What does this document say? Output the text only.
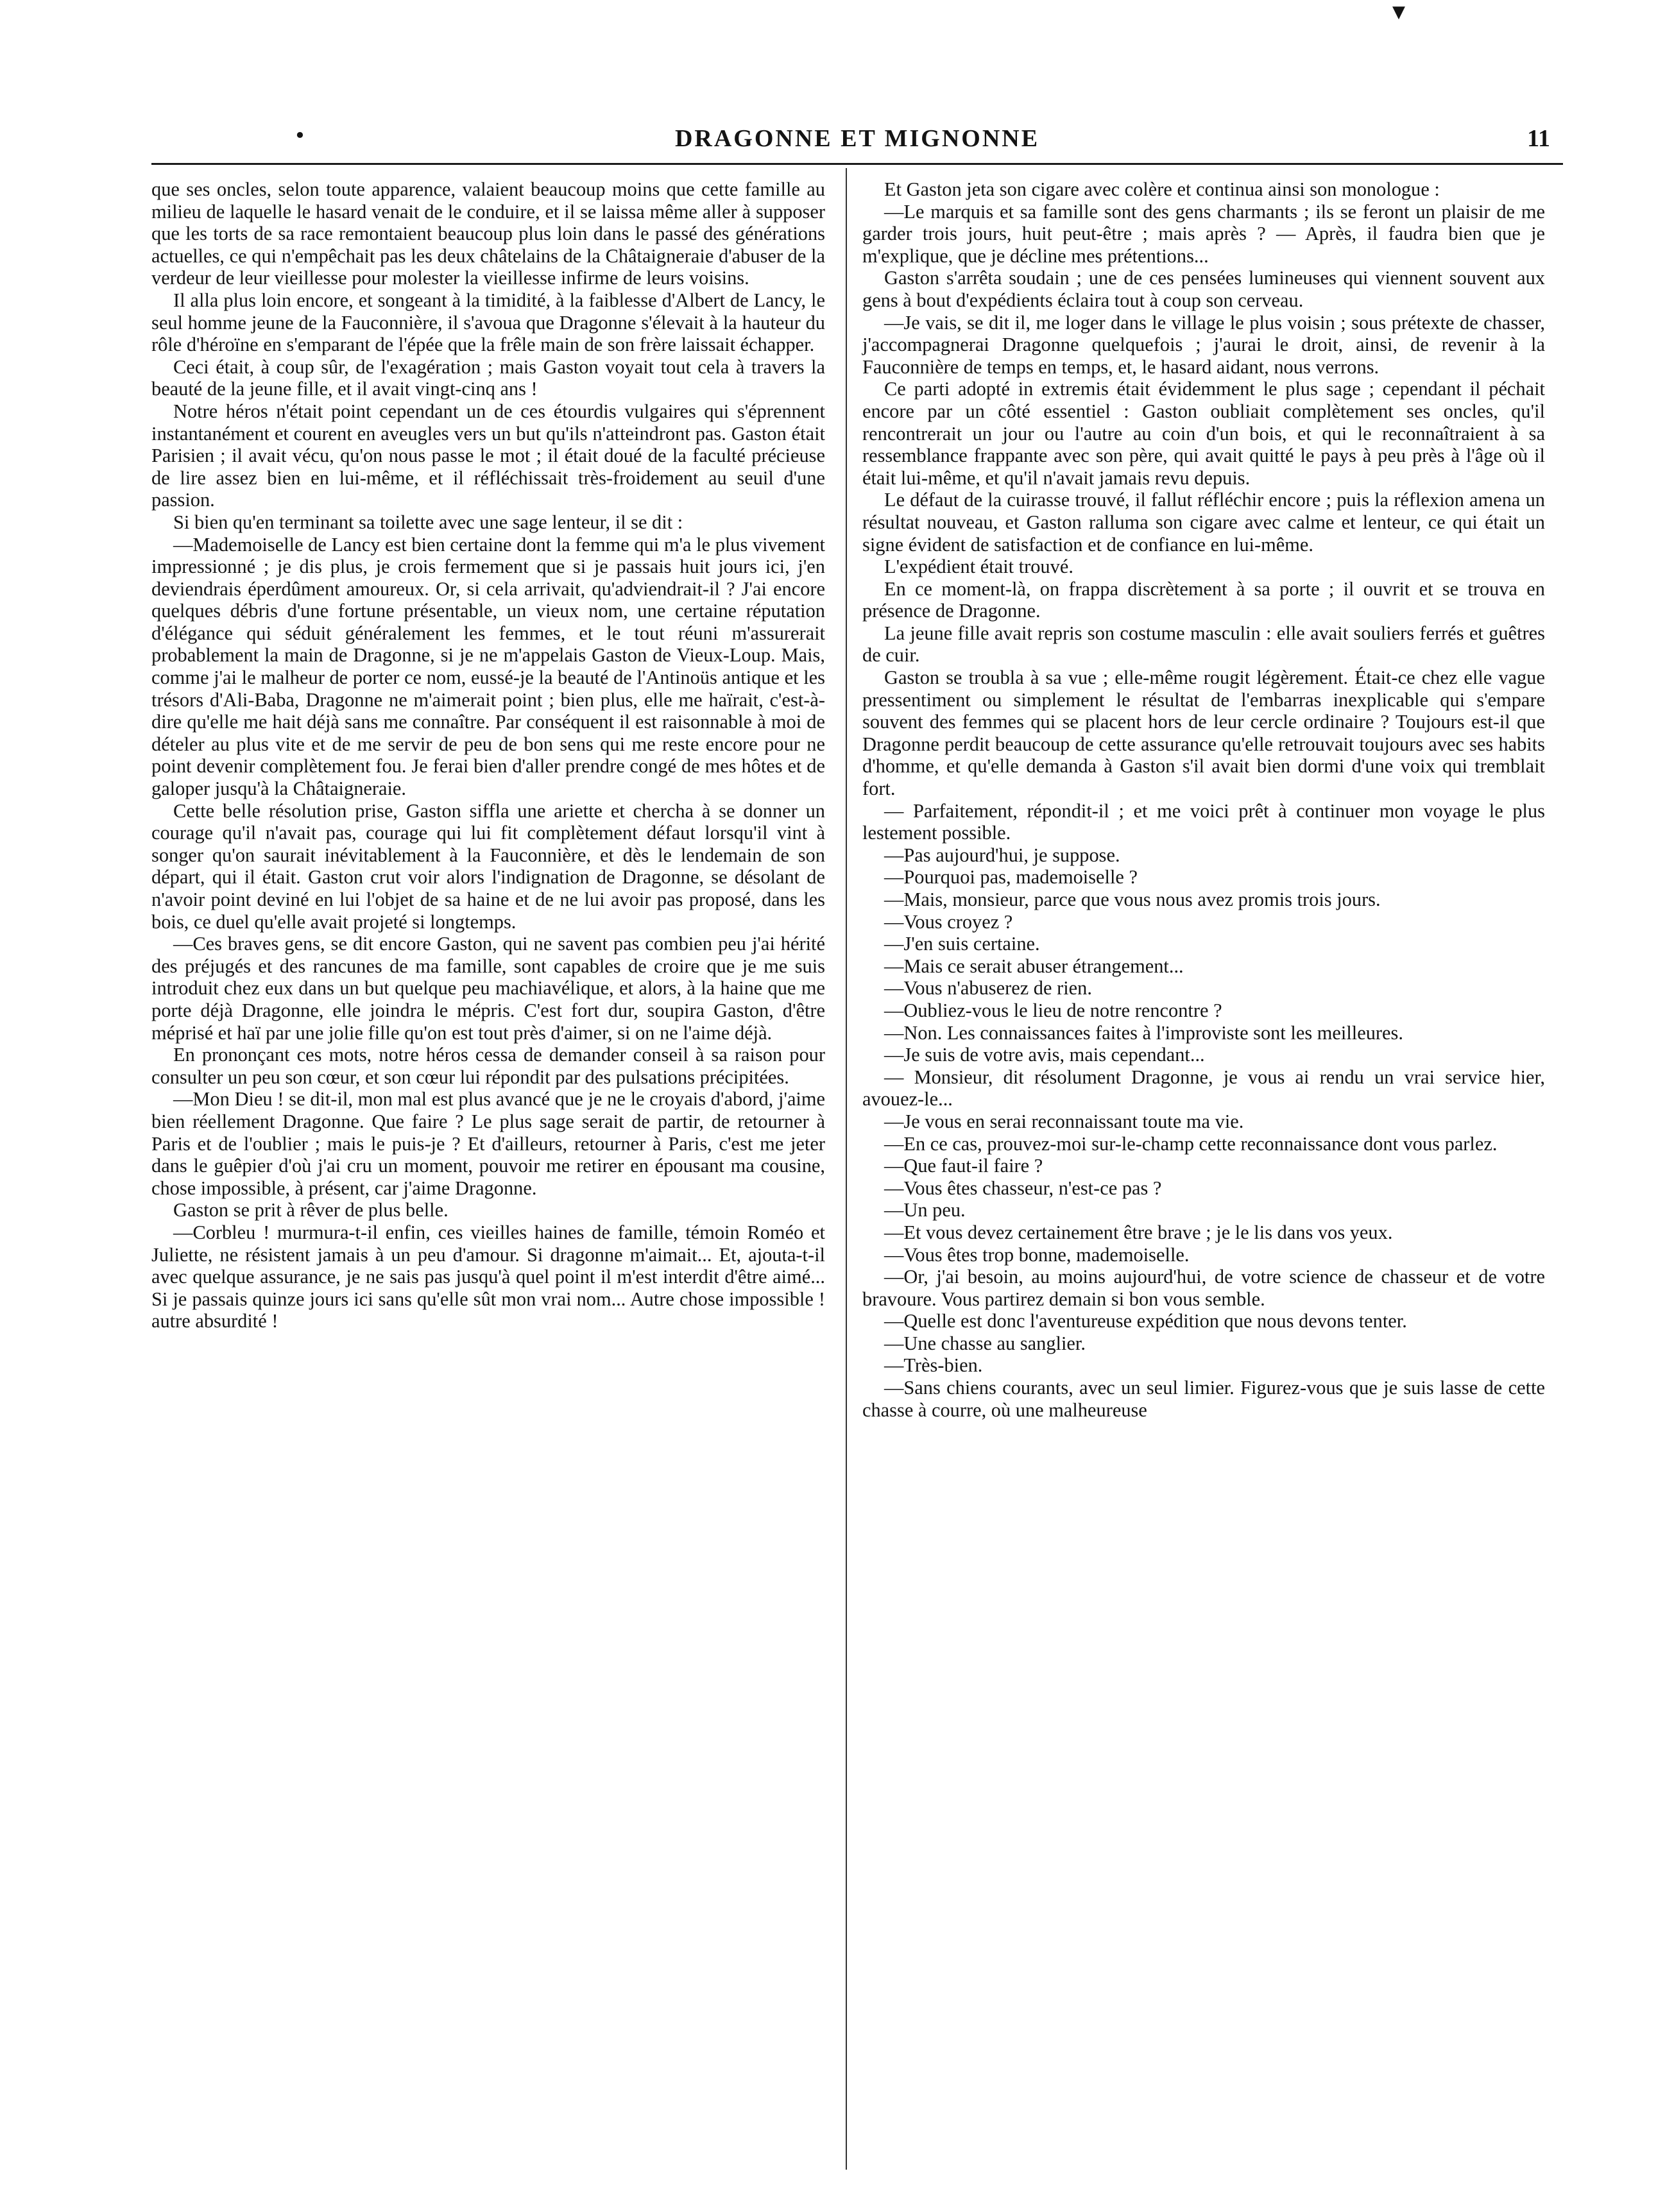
▼
•	DRAGONNE ET MIGNONNE	11

que ses oncles, selon toute apparence, valaient beaucoup moins que cette famille au milieu de laquelle le hasard venait de le conduire, et il se laissa même aller à supposer que les torts de sa race remontaient beaucoup plus loin dans le passé des générations actuelles, ce qui n'empêchait pas les deux châtelains de la Châtaigneraie d'abuser de la verdeur de leur vieillesse pour molester la vieillesse infirme de leurs voisins.

Il alla plus loin encore, et songeant à la timidité, à la faiblesse d'Albert de Lancy, le seul homme jeune de la Fauconnière, il s'avoua que Dragonne s'élevait à la hauteur du rôle d'héroïne en s'emparant de l'épée que la frêle main de son frère laissait échapper.

Ceci était, à coup sûr, de l'exagération ; mais Gaston voyait tout cela à travers la beauté de la jeune fille, et il avait vingt-cinq ans !

Notre héros n'était point cependant un de ces étourdis vulgaires qui s'éprennent instantanément et courent en aveugles vers un but qu'ils n'atteindront pas. Gaston était Parisien ; il avait vécu, qu'on nous passe le mot ; il était doué de la faculté précieuse de lire assez bien en lui-même, et il réfléchissait très-froidement au seuil d'une passion.

Si bien qu'en terminant sa toilette avec une sage lenteur, il se dit :

—Mademoiselle de Lancy est bien certaine dont la femme qui m'a le plus vivement impressionné ; je dis plus, je crois fermement que si je passais huit jours ici, j'en deviendrais éperdûment amoureux. Or, si cela arrivait, qu'adviendrait-il ? J'ai encore quelques débris d'une fortune présentable, un vieux nom, une certaine réputation d'élégance qui séduit généralement les femmes, et le tout réuni m'assurerait probablement la main de Dragonne, si je ne m'appelais Gaston de Vieux-Loup. Mais, comme j'ai le malheur de porter ce nom, eussé-je la beauté de l'Antinoüs antique et les trésors d'Ali-Baba, Dragonne ne m'aimerait point ; bien plus, elle me haïrait, c'est-à-dire qu'elle me hait déjà sans me connaître. Par conséquent il est raisonnable à moi de dételer au plus vite et de me servir de peu de bon sens qui me reste encore pour ne point devenir complètement fou. Je ferai bien d'aller prendre congé de mes hôtes et de galoper jusqu'à la Châtaigneraie.

Cette belle résolution prise, Gaston siffla une ariette et chercha à se donner un courage qu'il n'avait pas, courage qui lui fit complètement défaut lorsqu'il vint à songer qu'on saurait inévitablement à la Fauconnière, et dès le lendemain de son départ, qui il était. Gaston crut voir alors l'indignation de Dragonne, se désolant de n'avoir point deviné en lui l'objet de sa haine et de ne lui avoir pas proposé, dans les bois, ce duel qu'elle avait projeté si longtemps.

—Ces braves gens, se dit encore Gaston, qui ne savent pas combien peu j'ai hérité des préjugés et des rancunes de ma famille, sont capables de croire que je me suis introduit chez eux dans un but quelque peu machiavélique, et alors, à la haine que me porte déjà Dragonne, elle joindra le mépris. C'est fort dur, soupira Gaston, d'être méprisé et haï par une jolie fille qu'on est tout près d'aimer, si on ne l'aime déjà.

En prononçant ces mots, notre héros cessa de demander conseil à sa raison pour consulter un peu son cœur, et son cœur lui répondit par des pulsations précipitées.

—Mon Dieu ! se dit-il, mon mal est plus avancé que je ne le croyais d'abord, j'aime bien réellement Dragonne. Que faire ? Le plus sage serait de partir, de retourner à Paris et de l'oublier ; mais le puis-je ? Et d'ailleurs, retourner à Paris, c'est me jeter dans le guêpier d'où j'ai cru un moment, pouvoir me retirer en épousant ma cousine, chose impossible, à présent, car j'aime Dragonne.

Gaston se prit à rêver de plus belle.

—Corbleu ! murmura-t-il enfin, ces vieilles haines de famille, témoin Roméo et Juliette, ne résistent jamais à un peu d'amour. Si dragonne m'aimait... Et, ajouta-t-il avec quelque assurance, je ne sais pas jusqu'à quel point il m'est interdit d'être aimé... Si je passais quinze jours ici sans qu'elle sût mon vrai nom... Autre chose impossible ! autre absurdité !

Et Gaston jeta son cigare avec colère et continua ainsi son monologue :

—Le marquis et sa famille sont des gens charmants ; ils se feront un plaisir de me garder trois jours, huit peut-être ; mais après ? — Après, il faudra bien que je m'explique, que je décline mes prétentions...

Gaston s'arrêta soudain ; une de ces pensées lumineuses qui viennent souvent aux gens à bout d'expédients éclaira tout à coup son cerveau.

—Je vais, se dit il, me loger dans le village le plus voisin ; sous prétexte de chasser, j'accompagnerai Dragonne quelquefois ; j'aurai le droit, ainsi, de revenir à la Fauconnière de temps en temps, et, le hasard aidant, nous verrons.

Ce parti adopté in extremis était évidemment le plus sage ; cependant il péchait encore par un côté essentiel : Gaston oubliait complètement ses oncles, qu'il rencontrerait un jour ou l'autre au coin d'un bois, et qui le reconnaîtraient à sa ressemblance frappante avec son père, qui avait quitté le pays à peu près à l'âge où il était lui-même, et qu'il n'avait jamais revu depuis.

Le défaut de la cuirasse trouvé, il fallut réfléchir encore ; puis la réflexion amena un résultat nouveau, et Gaston ralluma son cigare avec calme et lenteur, ce qui était un signe évident de satisfaction et de confiance en lui-même.

L'expédient était trouvé.

En ce moment-là, on frappa discrètement à sa porte ; il ouvrit et se trouva en présence de Dragonne.

La jeune fille avait repris son costume masculin : elle avait souliers ferrés et guêtres de cuir.

Gaston se troubla à sa vue ; elle-même rougit légèrement. Était-ce chez elle vague pressentiment ou simplement le résultat de l'embarras inexplicable qui s'empare souvent des femmes qui se placent hors de leur cercle ordinaire ? Toujours est-il que Dragonne perdit beaucoup de cette assurance qu'elle retrouvait toujours avec ses habits d'homme, et qu'elle demanda à Gaston s'il avait bien dormi d'une voix qui tremblait fort.

— Parfaitement, répondit-il ; et me voici prêt à continuer mon voyage le plus lestement possible.

—Pas aujourd'hui, je suppose.

—Pourquoi pas, mademoiselle ?

—Mais, monsieur, parce que vous nous avez promis trois jours.

—Vous croyez ?

—J'en suis certaine.

—Mais ce serait abuser étrangement...

—Vous n'abuserez de rien.

—Oubliez-vous le lieu de notre rencontre ?

—Non. Les connaissances faites à l'improviste sont les meilleures.

—Je suis de votre avis, mais cependant...

— Monsieur, dit résolument Dragonne, je vous ai rendu un vrai service hier, avouez-le...

—Je vous en serai reconnaissant toute ma vie.

—En ce cas, prouvez-moi sur-le-champ cette reconnaissance dont vous parlez.

—Que faut-il faire ?

—Vous êtes chasseur, n'est-ce pas ?

—Un peu.

—Et vous devez certainement être brave ; je le lis dans vos yeux.

—Vous êtes trop bonne, mademoiselle.

—Or, j'ai besoin, au moins aujourd'hui, de votre science de chasseur et de votre bravoure. Vous partirez demain si bon vous semble.

—Quelle est donc l'aventureuse expédition que nous devons tenter.

—Une chasse au sanglier.

—Très-bien.

—Sans chiens courants, avec un seul limier. Figurez-vous que je suis lasse de cette chasse à courre, où une malheureuse
